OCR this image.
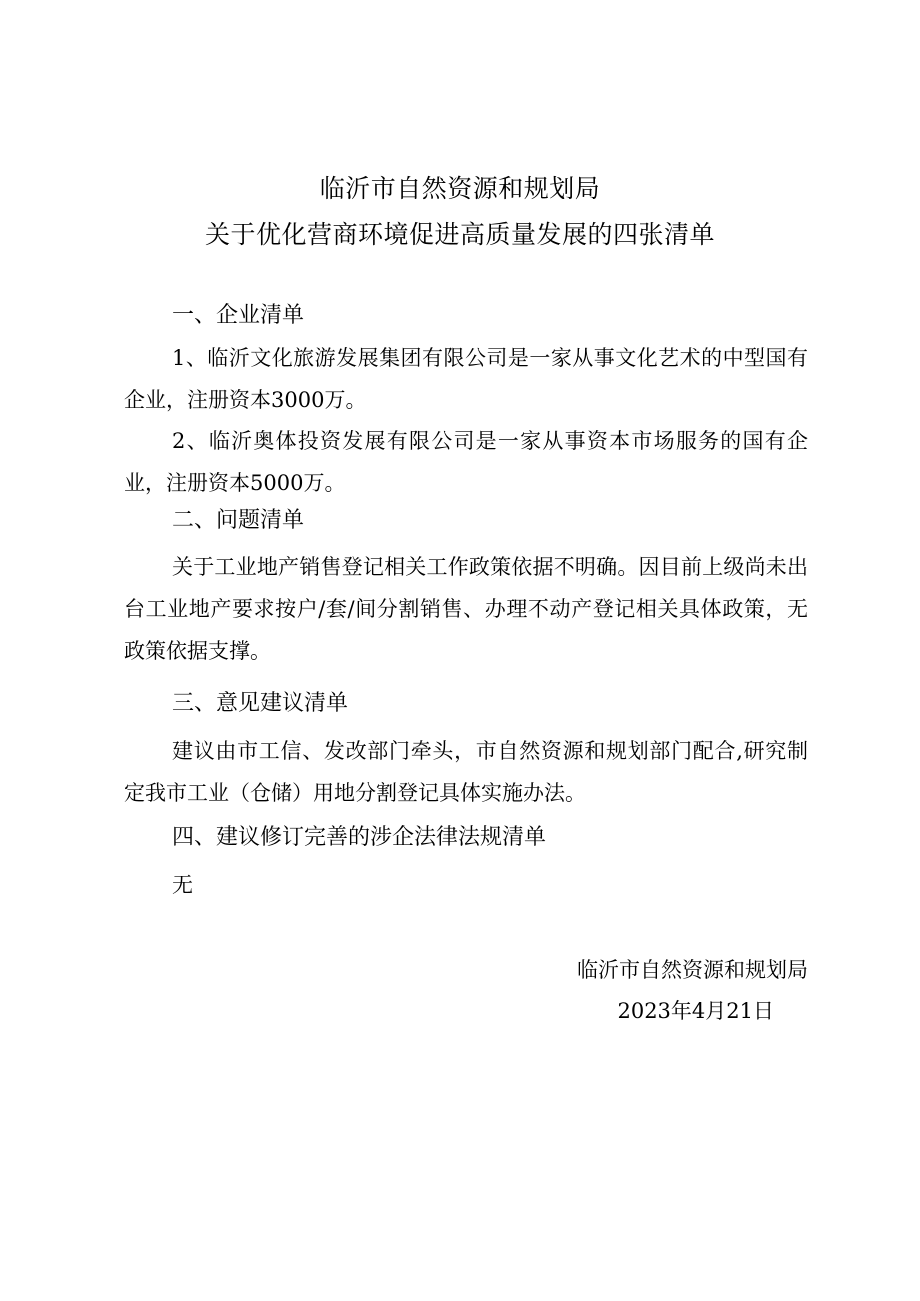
临沂市自然资源和规划局
关于优化营商环境促进高质量发展的四张清单
一、企业清单
1、临沂文化旅游发展集团有限公司是一家从事文化艺术的中型国有企业，注册资本3000万。
2、临沂奥体投资发展有限公司是一家从事资本市场服务的国有企业，注册资本5000万。
二、问题清单
关于工业地产销售登记相关工作政策依据不明确。因目前上级尚未出台工业地产要求按户/套/间分割销售、办理不动产登记相关具体政策，无政策依据支撑。
三、意见建议清单
建议由市工信、发改部门牵头，市自然资源和规划部门配合,研究制定我市工业（仓储）用地分割登记具体实施办法。
四、建议修订完善的涉企法律法规清单
无
临沂市自然资源和规划局
2023年4月21日
